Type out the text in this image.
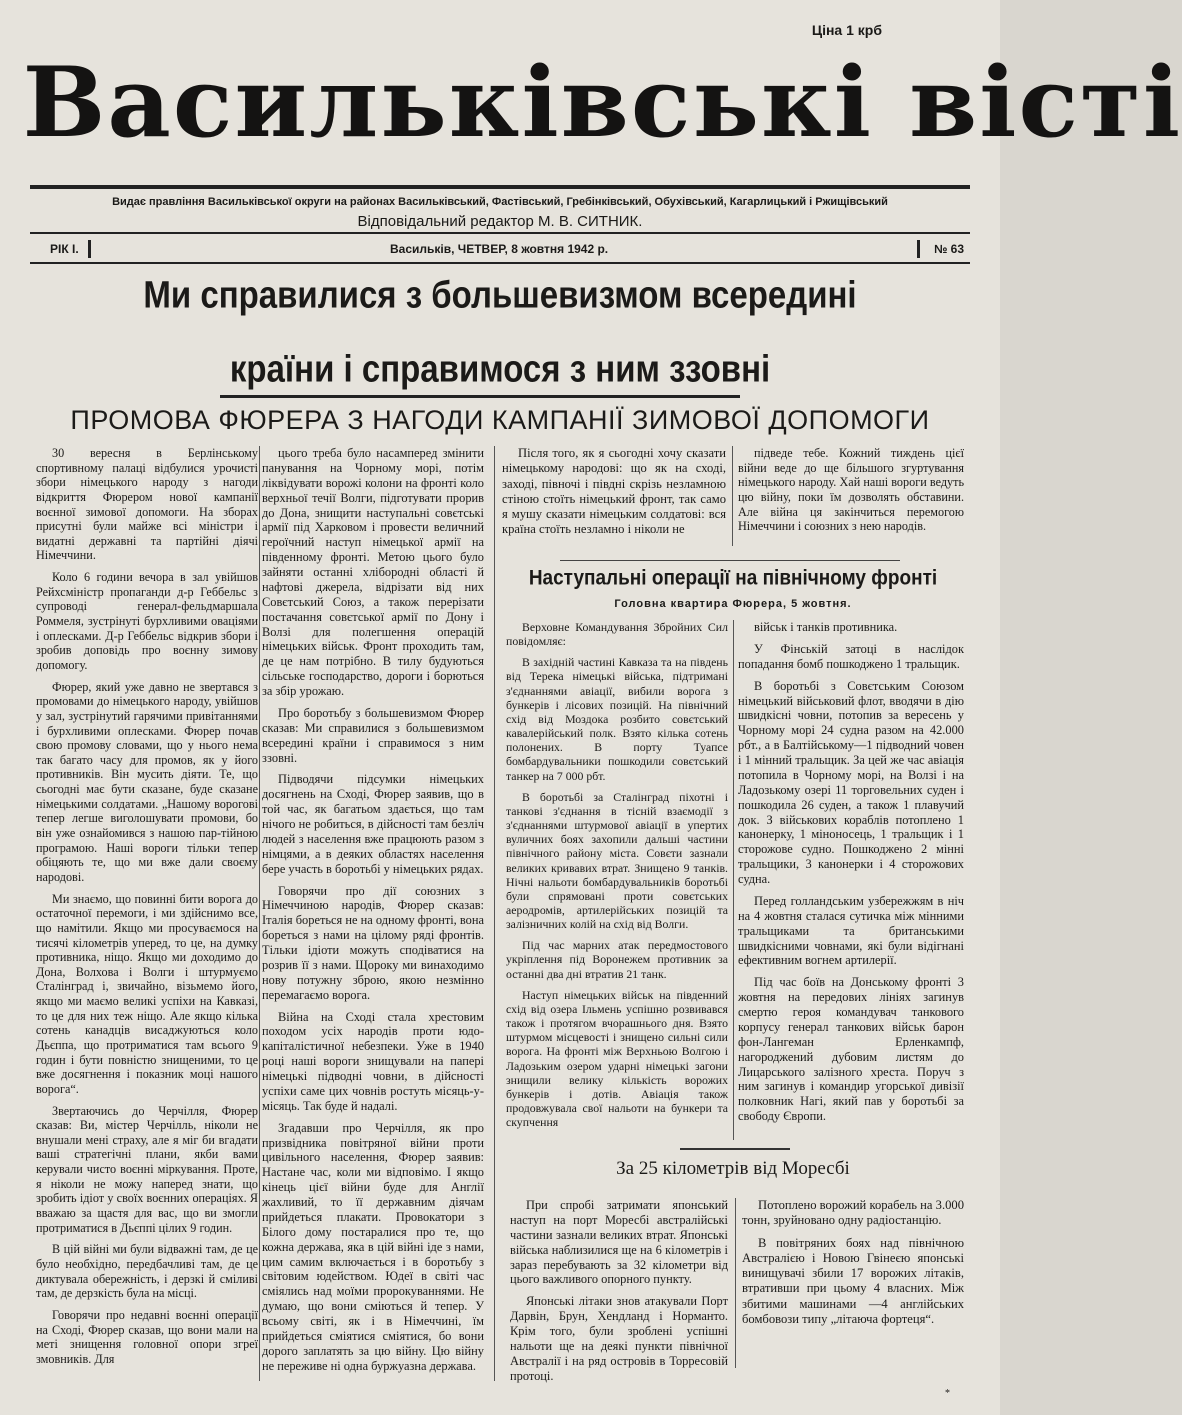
Ціна 1 крб
Васильківські вісті
Видає правління Васильківської округи на районах Васильківський, Фастівський, Гребінківський, Обухівський, Кагарлицький і Ржищівський
Відповідальний редактор М. В. СИТНИК.
РІК І.	Васильків, ЧЕТВЕР, 8 жовтня 1942 р.	№ 63
Ми справилися з большевизмом всередині
країни і справимося з ним ззовні
ПРОМОВА ФЮРЕРА З НАГОДИ КАМПАНІЇ ЗИМОВОЇ ДОПОМОГИ

30 вересня в Берлінському спортивному палаці відбулися урочисті збори німецького народу з нагоди відкриття Фюрером нової кампанії воєнної зимової допомоги. На зборах присутні були майже всі міністри і видатні державні та партійні діячі Німеччини.

Коло 6 години вечора в зал увійшов Рейхсміністр пропаганди д-р Геббельс з супроводі генерал-фельдмаршала Роммеля, зустрінуті бурхливими оваціями і оплесками. Д-р Геббельс відкрив збори і зробив доповідь про воєнну зимову допомогу.

Фюрер, який уже давно не звертався з промовами до німецького народу, увійшов у зал, зустрінутий гарячими привітаннями і бурхливими оплесками. Фюрер почав свою промову словами, що у нього нема так багато часу для промов, як у його противників. Він мусить діяти. Те, що сьогодні має бути сказане, буде сказане німецькими солдатами. „Нашому ворогові тепер легше виголошувати промови, бо він уже ознайомився з нашою пар-тійною програмою. Наші вороги тільки тепер обіцяють те, що ми вже дали своєму народові.

Ми знаємо, що повинні бити ворога до остаточної перемоги, і ми здійснимо все, що намітили. Якщо ми просуваємося на тисячі кілометрів уперед, то це, на думку противника, ніщо. Якщо ми доходимо до Дона, Волхова і Волги і штурмуємо Сталінград і, звичайно, візьмемо його, якщо ми маємо великі успіхи на Кавказі, то це для них теж ніщо. Але якщо кілька сотень канадців висаджуються коло Дьєппа, що протриматися там всього 9 годин і бути повністю знищеними, то це вже досягнення і показник моці нашого ворога“.

Звертаючись до Черчілля, Фюрер сказав: Ви, містер Черчілль, ніколи не внушали мені страху, але я міг би вгадати ваші стратегічні плани, якби вами керували чисто воєнні міркування. Проте, я ніколи не можу наперед знати, що зробить ідіот у своїх воєнних операціях. Я вважаю за щастя для вас, що ви змогли протриматися в Дьєппі цілих 9 годин.

В цій війні ми були відважні там, де це було необхідно, передбачливі там, де це диктувала обережність, і дерзкі й сміливі там, де дерзкість була на місці.

Говорячи про недавні воєнні операції на Сході, Фюрер сказав, що вони мали на меті знищення головної опори згреї змовників. Для

цього треба було насамперед змінити панування на Чорному морі, потім ліквідувати ворожі колони на фронті коло верхньої течії Волги, підготувати прорив до Дона, знищити наступальні совєтські армії під Харковом і провести величний героїчний наступ німецької армії на південному фронті. Метою цього було зайняти останні хлібородні області й нафтові джерела, відрізати від них Совєтський Союз, а також перерізати постачання совєтської армії по Дону і Волзі для полегшення операцій німецьких військ. Фронт проходить там, де це нам потрібно. В тилу будуються сільське господарство, дороги і борються за збір урожаю.

Про боротьбу з большевизмом Фюрер сказав: Ми справилися з большевизмом всередині країни і справимося з ним ззовні.

Підводячи підсумки німецьких досягнень на Сході, Фюрер заявив, що в той час, як багатьом здається, що там нічого не робиться, в дійсності там безліч людей з населення вже працюють разом з німцями, а в деяких областях населення бере участь в боротьбі у німецьких рядах.

Говорячи про дії союзних з Німеччиною народів, Фюрер сказав: Італія бореться не на одному фронті, вона бореться з нами на цілому ряді фронтів. Тільки ідіоти можуть сподіватися на розрив її з нами. Щороку ми винаходимо нову потужну зброю, якою незмінно перемагаємо ворога.

Війна на Сході стала хрестовим походом усіх народів проти юдо-капіталістичної небезпеки. Уже в 1940 році наші вороги знищували на папері німецькі підводні човни, в дійсності успіхи саме цих човнів ростуть місяць-у-місяць. Так буде й надалі.

Згадавши про Черчілля, як про призвідника повітряної війни проти цивільного населення, Фюрер заявив: Настане час, коли ми відповімо. І якщо кінець цієї війни буде для Англії жахливий, то її державним діячам прийдеться плакати. Провокатори з Білого дому постаралися про те, що кожна держава, яка в цій війні іде з нами, цим самим включається і в боротьбу з світовим юдейством. Юдеї в світі час сміялись над моїми пророкуваннями. Не думаю, що вони сміються й тепер. У всьому світі, як і в Німеччині, їм прийдеться сміятися сміятися, бо вони дорого заплатять за цю війну. Цю війну не переживе ні одна буржуазна держава.

Після того, як я сьогодні хочу сказати німецькому народові: що як на сході, заході, півночі і півдні скрізь незламною стіною стоїть німецький фронт, так само я мушу сказати німецьким солдатові: вся країна стоїть незламно і ніколи не

підведе тебе. Кожний тиждень цієї війни веде до ще більшого згуртування німецького народу. Хай наші вороги ведуть цю війну, поки їм дозволять обставини. Але війна ця закінчиться перемогою Німеччини і союзних з нею народів.

Наступальні операції на північному фронті
Головна квартира Фюрера, 5 жовтня.

Верховне Командування Збройних Сил повідомляє:

В західній частині Кавказа та на південь від Терека німецькі війська, підтримані з'єднаннями авіації, вибили ворога з бункерів і лісових позицій. На північний схід від Моздока розбито совєтський кавалерійський полк. Взято кілька сотень полонених. В порту Туапсе бомбардувальники пошкодили совєтський танкер на 7 000 рбт.

В боротьбі за Сталінград піхотні і танкові з'єднання в тісній взаємодії з з'єднаннями штурмової авіації в упертих вуличних боях захопили дальші частини північного району міста. Совєти зазнали великих кривавих втрат. Знищено 9 танків. Нічні нальоти бомбардувальників боротьбі були спрямовані проти совєтських аеродромів, артилерійських позицій та залізничних колій на схід від Волги.

Під час марних атак передмостового укріплення під Воронежем противник за останні два дні втратив 21 танк.

Наступ німецьких військ на південний схід від озера Ільмень успішно розвивався також і протягом вчорашнього дня. Взято штурмом місцевості і знищено сильні сили ворога. На фронті між Верхньою Волгою і Ладозьким озером ударні німецькі загони знищили велику кількість ворожих бункерів і дотів. Авіація також продовжувала свої нальоти на бункери та скупчення

військ і танків противника.

У Фінській затоці в наслідок попадання бомб пошкоджено 1 тральщик.

В боротьбі з Совєтським Союзом німецький військовий флот, вводячи в дію швидкісні човни, потопив за вересень у Чорному морі 24 судна разом на 42.000 рбт., а в Балтійському—1 підводний човен і 1 мінний тральщик. За цей же час авіація потопила в Чорному морі, на Волзі і на Ладозькому озері 11 торговельних суден і пошкодила 26 суден, а також 1 плавучий док. З військових кораблів потоплено 1 канонерку, 1 міноносець, 1 тральщик і 1 сторожове судно. Пошкоджено 2 мінні тральщики, 3 канонерки і 4 сторожових судна.

Перед голландським узбережжям в ніч на 4 жовтня сталася сутичка між мінними тральщиками та британськими швидкісними човнами, які були відігнані ефективним вогнем артилерії.

Під час боїв на Донському фронті 3 жовтня на передових лініях загинув смертю героя командувач танкового корпусу генерал танкових військ барон фон-Лангеман Ерленкампф, нагороджений дубовим листям до Лицарського залізного хреста. Поруч з ним загинув і командир угорської дивізії полковник Нагі, який пав у боротьбі за свободу Європи.

За 25 кілометрів від Моресбі

При спробі затримати японський наступ на порт Моресбі австралійські частини зазнали великих втрат. Японські війська наблизилися ще на 6 кілометрів і зараз перебувають за 32 кілометри від цього важливого опорного пункту.

Японські літаки знов атакували Порт Дарвін, Брун, Хендланд і Норманто. Крім того, були зроблені успішні нальоти ще на деякі пункти північної Австралії і на ряд островів в Торресовій протоці.

Потоплено ворожий корабель на 3.000 тонн, зруйновано одну радіостанцію.

В повітряних боях над північною Австралією і Новою Гвінеєю японські винищувачі збили 17 ворожих літаків, втративши при цьому 4 власних. Між збитими машинами —4 англійських бомбовози типу „літаюча фортеця“.

*
